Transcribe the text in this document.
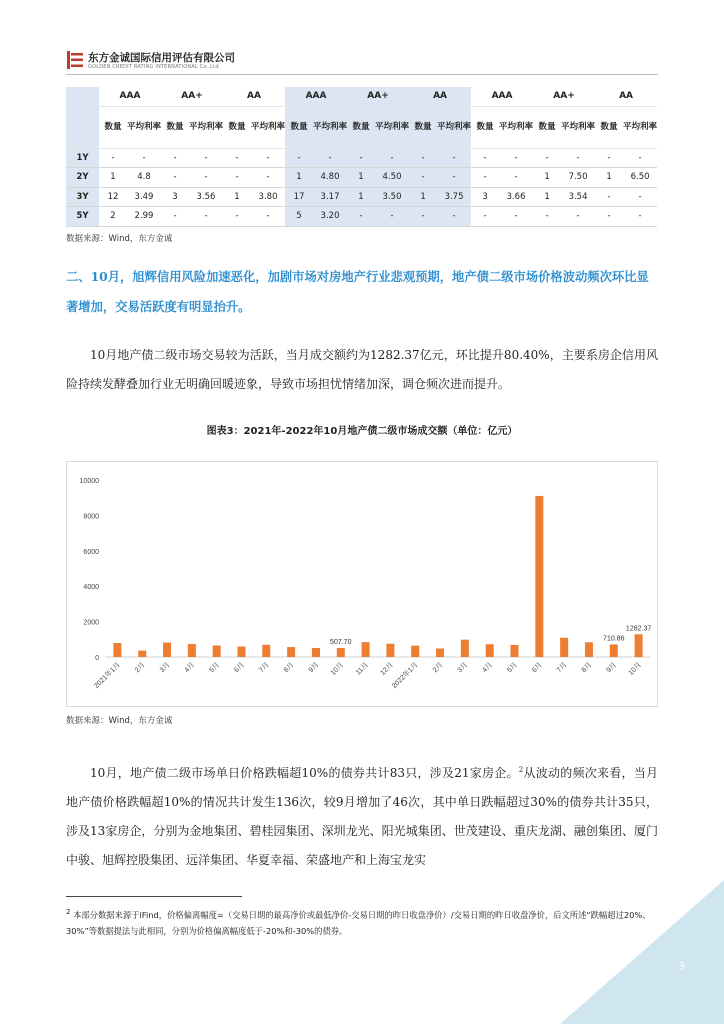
3
东方金诚国际信用评估有限公司
GOLDEN CREDIT RATING INTERNATIONAL Co.,Ltd.
	AAA		AA+		AA		AAA		AA+		AA		AAA		AA+		AA	
	数量	平均利率	数量	平均利率	数量	平均利率	数量	平均利率	数量	平均利率	数量	平均利率	数量	平均利率	数量	平均利率	数量	平均利率
1Y	-	-	-	-	-	-	-	-	-	-	-	-	-	-	-	-	-	-
2Y	1	4.8	-	-	-	-	1	4.80	1	4.50	-	-	-	-	1	7.50	1	6.50
3Y	12	3.49	3	3.56	1	3.80	17	3.17	1	3.50	1	3.75	3	3.66	1	3.54	-	-
5Y	2	2.99	-	-	-	-	5	3.20	-	-	-	-	-	-	-	-	-	-
数据来源：Wind，东方金诚
二、10月，旭辉信用风险加速恶化，加剧市场对房地产行业悲观预期，地产债二级市场价格波动频次环比显著增加，交易活跃度有明显抬升。
10月地产债二级市场交易较为活跃，当月成交额约为1282.37亿元，环比提升80.40%，主要系房企信用风险持续发酵叠加行业无明确回暖迹象，导致市场担忧情绪加深，调仓频次进而提升。
图表3：2021年-2022年10月地产债二级市场成交额（单位：亿元）
0
2000
4000
6000
8000
10000
2021年1月 2月 3月 4月 5月 6月 7月 8月 9月 10月
507.70
11月 12月
2022年1月 2月 3月 4月 5月 6月 7月 8月 9月
710.86
10月
1282.37
数据来源：Wind，东方金诚
10月，地产债二级市场单日价格跌幅超10%的债券共计83只，涉及21家房企。$^2$从波动的频次来看，当月地产债价格跌幅超10%的情况共计发生136次，较9月增加了46次，其中单日跌幅超过30%的债券共计35只，涉及13家房企，分别为金地集团、碧桂园集团、深圳龙光、阳光城集团、世茂建设、重庆龙湖、融创集团、厦门中骏、旭辉控股集团、远洋集团、华夏幸福、荣盛地产和上海宝龙实
$^2$ 本部分数据来源于iFind，价格偏离幅度=（交易日期的最高净价或最低净价-交易日期的昨日收盘净价）/交易日期的昨日收盘净价，后文所述“跌幅超过20%、30%”等数据提法与此相同，分别为价格偏离幅度低于-20%和-30%的债券。
